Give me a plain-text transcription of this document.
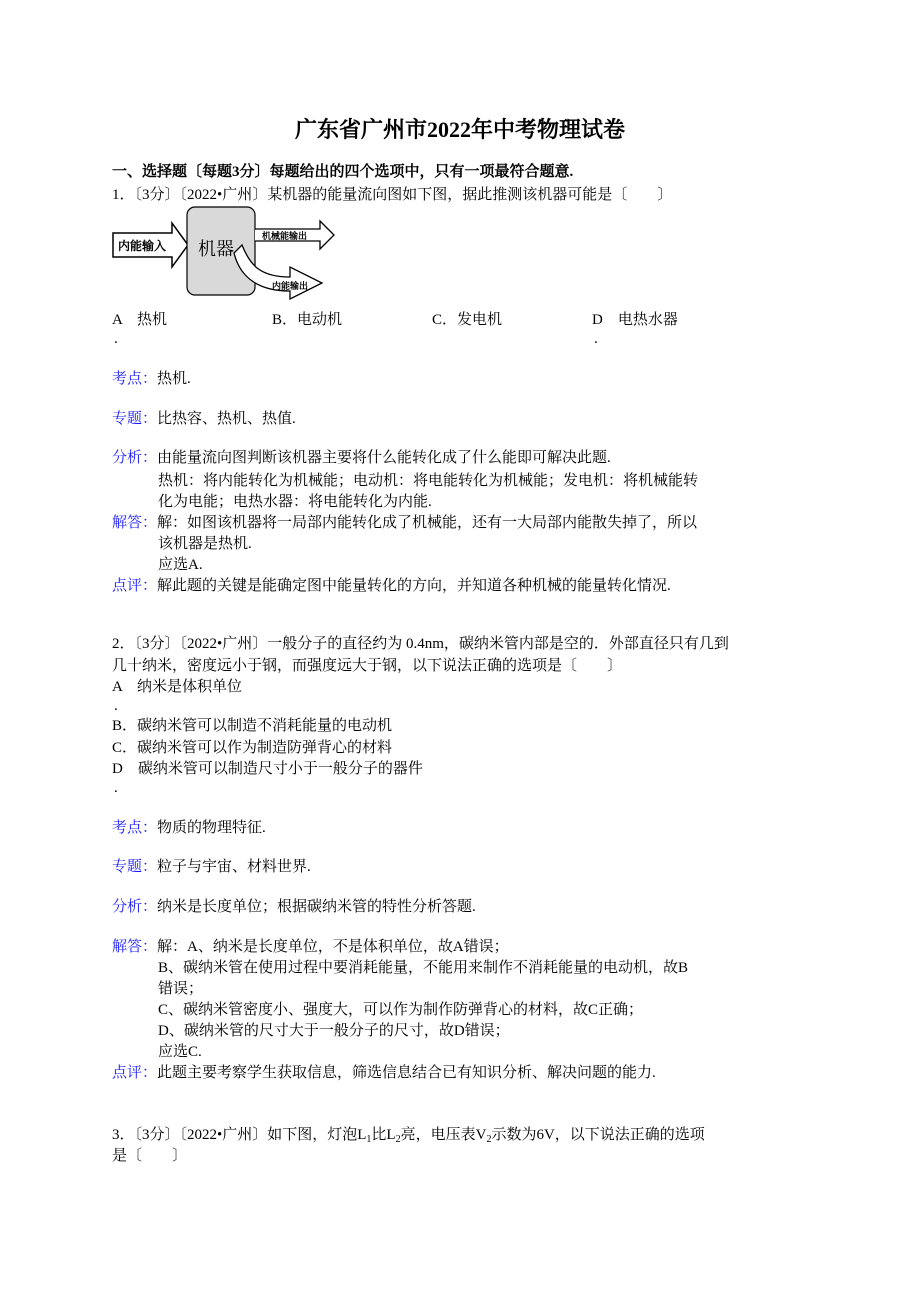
广东省广州市2022年中考物理试卷
一、选择题〔每题3分〕每题给出的四个选项中，只有一项最符合题意.
1．〔3分〕〔2022•广州〕某机器的能量流向图如下图，据此推测该机器可能是〔　　〕
内能输入 机器
机械能输出
内能输出
A　热机	B．电动机	C．发电机	D　电热水器
.	.
考点：热机.
专题：比热容、热机、热值.
分析：由能量流向图判断该机器主要将什么能转化成了什么能即可解决此题.
热机：将内能转化为机械能；电动机：将电能转化为机械能；发电机：将机械能转
化为电能；电热水器：将电能转化为内能.
解答：解：如图该机器将一局部内能转化成了机械能，还有一大局部内能散失掉了，所以
该机器是热机.
应选A.
点评：解此题的关键是能确定图中能量转化的方向，并知道各种机械的能量转化情况.
2．〔3分〕〔2022•广州〕一般分子的直径约为 0.4nm，碳纳米管内部是空的．外部直径只有几到
几十纳米，密度远小于钢，而强度远大于钢，以下说法正确的选项是〔　　〕
A　纳米是体积单位
.
B．碳纳米管可以制造不消耗能量的电动机
C．碳纳米管可以作为制造防弹背心的材料
D　碳纳米管可以制造尺寸小于一般分子的器件
.
考点：物质的物理特征.
专题：粒子与宇宙、材料世界.
分析：纳米是长度单位；根据碳纳米管的特性分析答题.
解答：解：A、纳米是长度单位，不是体积单位，故A错误；
B、碳纳米管在使用过程中要消耗能量，不能用来制作不消耗能量的电动机，故B
错误；
C、碳纳米管密度小、强度大，可以作为制作防弹背心的材料，故C正确；
D、碳纳米管的尺寸大于一般分子的尺寸，故D错误；
应选C.
点评：此题主要考察学生获取信息，筛选信息结合已有知识分析、解决问题的能力.
3．〔3分〕〔2022•广州〕如下图，灯泡$L_1$比$L_2$亮，电压表$V_2$示数为6V，以下说法正确的选项
是〔　　〕
